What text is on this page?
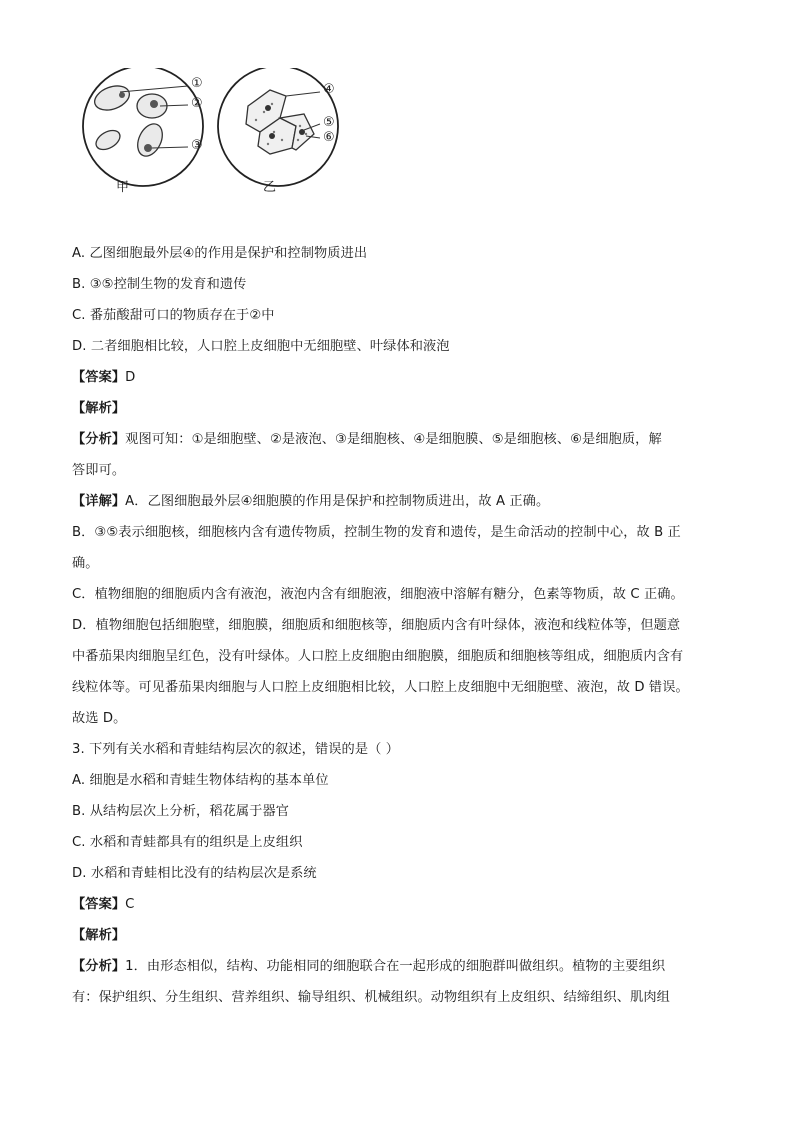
①
②
③
④
⑤
⑥
甲	乙
A. 乙图细胞最外层④的作用是保护和控制物质进出
B. ③⑤控制生物的发育和遗传
C. 番茄酸甜可口的物质存在于②中
D. 二者细胞相比较，人口腔上皮细胞中无细胞壁、叶绿体和液泡
【答案】D
【解析】
【分析】观图可知：①是细胞壁、②是液泡、③是细胞核、④是细胞膜、⑤是细胞核、⑥是细胞质，解
答即可。
【详解】A．乙图细胞最外层④细胞膜的作用是保护和控制物质进出，故 A 正确。
B．③⑤表示细胞核，细胞核内含有遗传物质，控制生物的发育和遗传，是生命活动的控制中心，故 B 正
确。
C．植物细胞的细胞质内含有液泡，液泡内含有细胞液，细胞液中溶解有糖分，色素等物质，故 C 正确。
D．植物细胞包括细胞壁，细胞膜，细胞质和细胞核等，细胞质内含有叶绿体，液泡和线粒体等，但题意
中番茄果肉细胞呈红色，没有叶绿体。人口腔上皮细胞由细胞膜，细胞质和细胞核等组成，细胞质内含有
线粒体等。可见番茄果肉细胞与人口腔上皮细胞相比较，人口腔上皮细胞中无细胞壁、液泡，故 D 错误。
故选 D。
3. 下列有关水稻和青蛙结构层次的叙述，错误的是（ ）
A. 细胞是水稻和青蛙生物体结构的基本单位
B. 从结构层次上分析，稻花属于器官
C. 水稻和青蛙都具有的组织是上皮组织
D. 水稻和青蛙相比没有的结构层次是系统
【答案】C
【解析】
【分析】1．由形态相似，结构、功能相同的细胞联合在一起形成的细胞群叫做组织。植物的主要组织
有：保护组织、分生组织、营养组织、输导组织、机械组织。动物组织有上皮组织、结缔组织、肌肉组
